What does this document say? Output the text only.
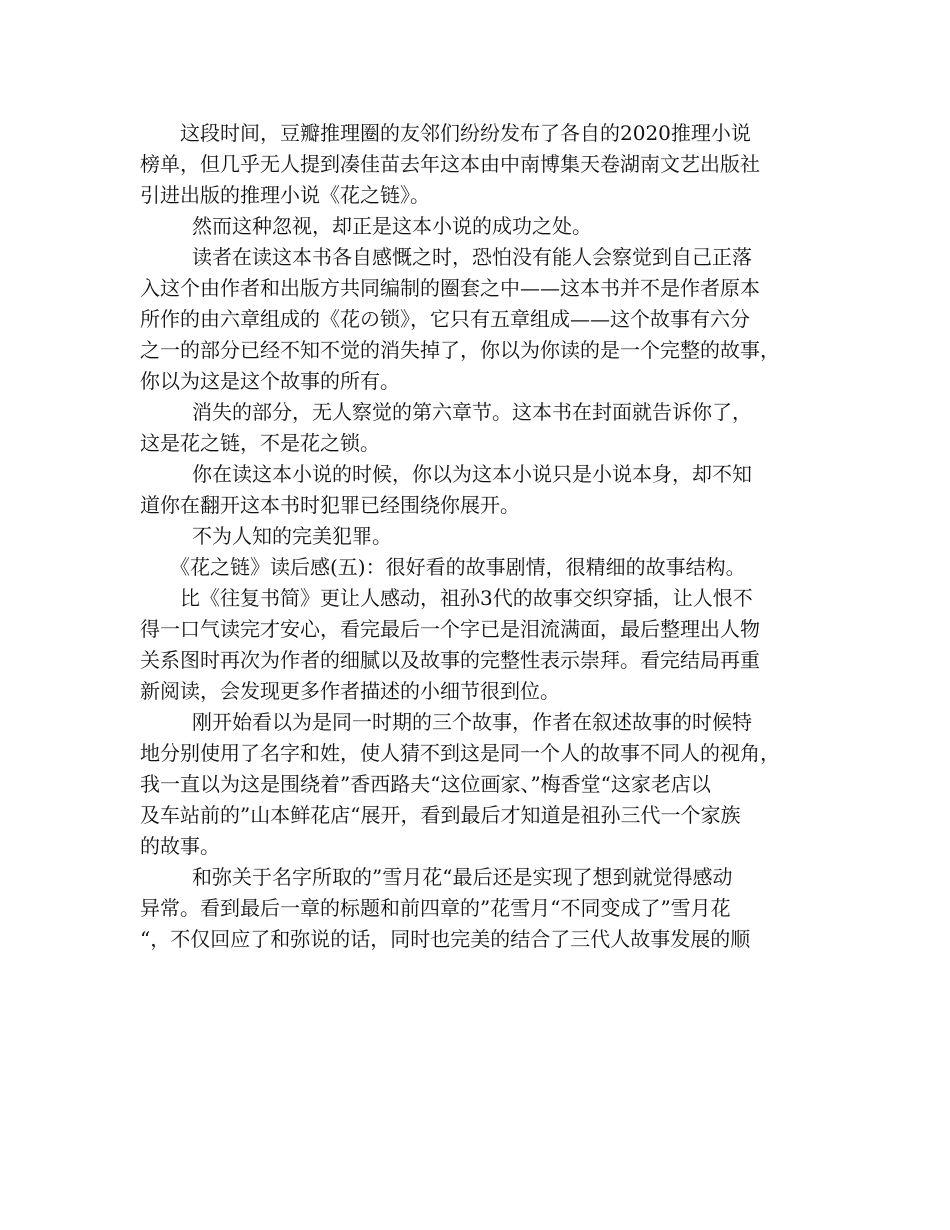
这段时间，豆瓣推理圈的友邻们纷纷发布了各自的2020推理小说
榜单，但几乎无人提到凑佳苗去年这本由中南博集天卷湖南文艺出版社
引进出版的推理小说《花之链》。
然而这种忽视，却正是这本小说的成功之处。
读者在读这本书各自感慨之时，恐怕没有能人会察觉到自己正落
入这个由作者和出版方共同编制的圈套之中——这本书并不是作者原本
所作的由六章组成的《花の锁》，它只有五章组成——这个故事有六分
之一的部分已经不知不觉的消失掉了，你以为你读的是一个完整的故事，
你以为这是这个故事的所有。
消失的部分，无人察觉的第六章节。这本书在封面就告诉你了，
这是花之链，不是花之锁。
你在读这本小说的时候，你以为这本小说只是小说本身，却不知
道你在翻开这本书时犯罪已经围绕你展开。
不为人知的完美犯罪。
《花之链》读后感(五)：很好看的故事剧情，很精细的故事结构。
比《往复书简》更让人感动，祖孙3代的故事交织穿插，让人恨不
得一口气读完才安心，看完最后一个字已是泪流满面，最后整理出人物
关系图时再次为作者的细腻以及故事的完整性表示崇拜。看完结局再重
新阅读，会发现更多作者描述的小细节很到位。
刚开始看以为是同一时期的三个故事，作者在叙述故事的时候特
地分别使用了名字和姓，使人猜不到这是同一个人的故事不同人的视角，
我一直以为这是围绕着”香西路夫“这位画家、”梅香堂“这家老店以
及车站前的”山本鲜花店“展开，看到最后才知道是祖孙三代一个家族
的故事。
和弥关于名字所取的”雪月花“最后还是实现了想到就觉得感动
异常。看到最后一章的标题和前四章的”花雪月“不同变成了”雪月花
“，不仅回应了和弥说的话，同时也完美的结合了三代人故事发展的顺
